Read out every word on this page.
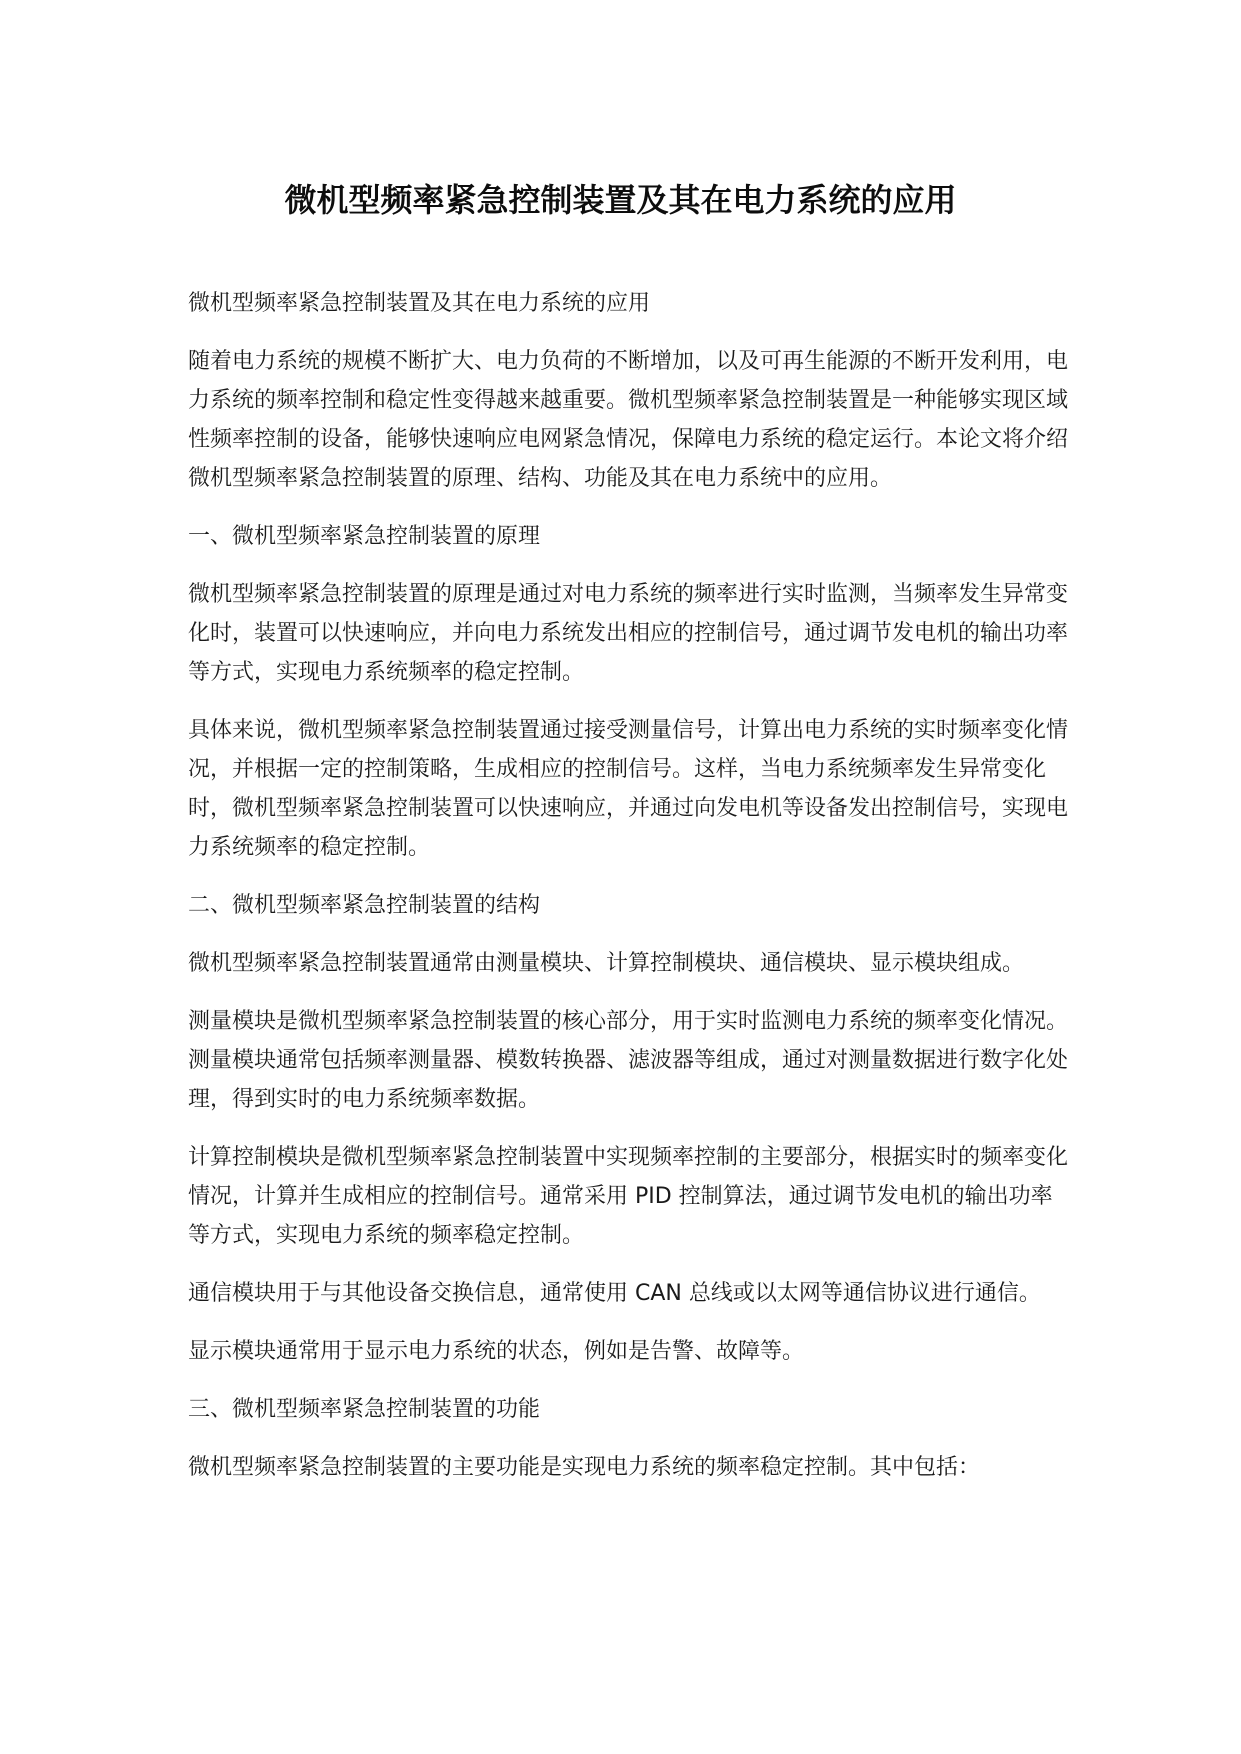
微机型频率紧急控制装置及其在电力系统的应用

微机型频率紧急控制装置及其在电力系统的应用

随着电力系统的规模不断扩大、电力负荷的不断增加，以及可再生能源的不断开发利用，电力系统的频率控制和稳定性变得越来越重要。微机型频率紧急控制装置是一种能够实现区域性频率控制的设备，能够快速响应电网紧急情况，保障电力系统的稳定运行。本论文将介绍微机型频率紧急控制装置的原理、结构、功能及其在电力系统中的应用。

一、微机型频率紧急控制装置的原理

微机型频率紧急控制装置的原理是通过对电力系统的频率进行实时监测，当频率发生异常变化时，装置可以快速响应，并向电力系统发出相应的控制信号，通过调节发电机的输出功率等方式，实现电力系统频率的稳定控制。

具体来说，微机型频率紧急控制装置通过接受测量信号，计算出电力系统的实时频率变化情况，并根据一定的控制策略，生成相应的控制信号。这样，当电力系统频率发生异常变化时，微机型频率紧急控制装置可以快速响应，并通过向发电机等设备发出控制信号，实现电力系统频率的稳定控制。

二、微机型频率紧急控制装置的结构

微机型频率紧急控制装置通常由测量模块、计算控制模块、通信模块、显示模块组成。

测量模块是微机型频率紧急控制装置的核心部分，用于实时监测电力系统的频率变化情况。测量模块通常包括频率测量器、模数转换器、滤波器等组成，通过对测量数据进行数字化处理，得到实时的电力系统频率数据。

计算控制模块是微机型频率紧急控制装置中实现频率控制的主要部分，根据实时的频率变化情况，计算并生成相应的控制信号。通常采用 PID 控制算法，通过调节发电机的输出功率等方式，实现电力系统的频率稳定控制。

通信模块用于与其他设备交换信息，通常使用 CAN 总线或以太网等通信协议进行通信。

显示模块通常用于显示电力系统的状态，例如是告警、故障等。

三、微机型频率紧急控制装置的功能

微机型频率紧急控制装置的主要功能是实现电力系统的频率稳定控制。其中包括：
